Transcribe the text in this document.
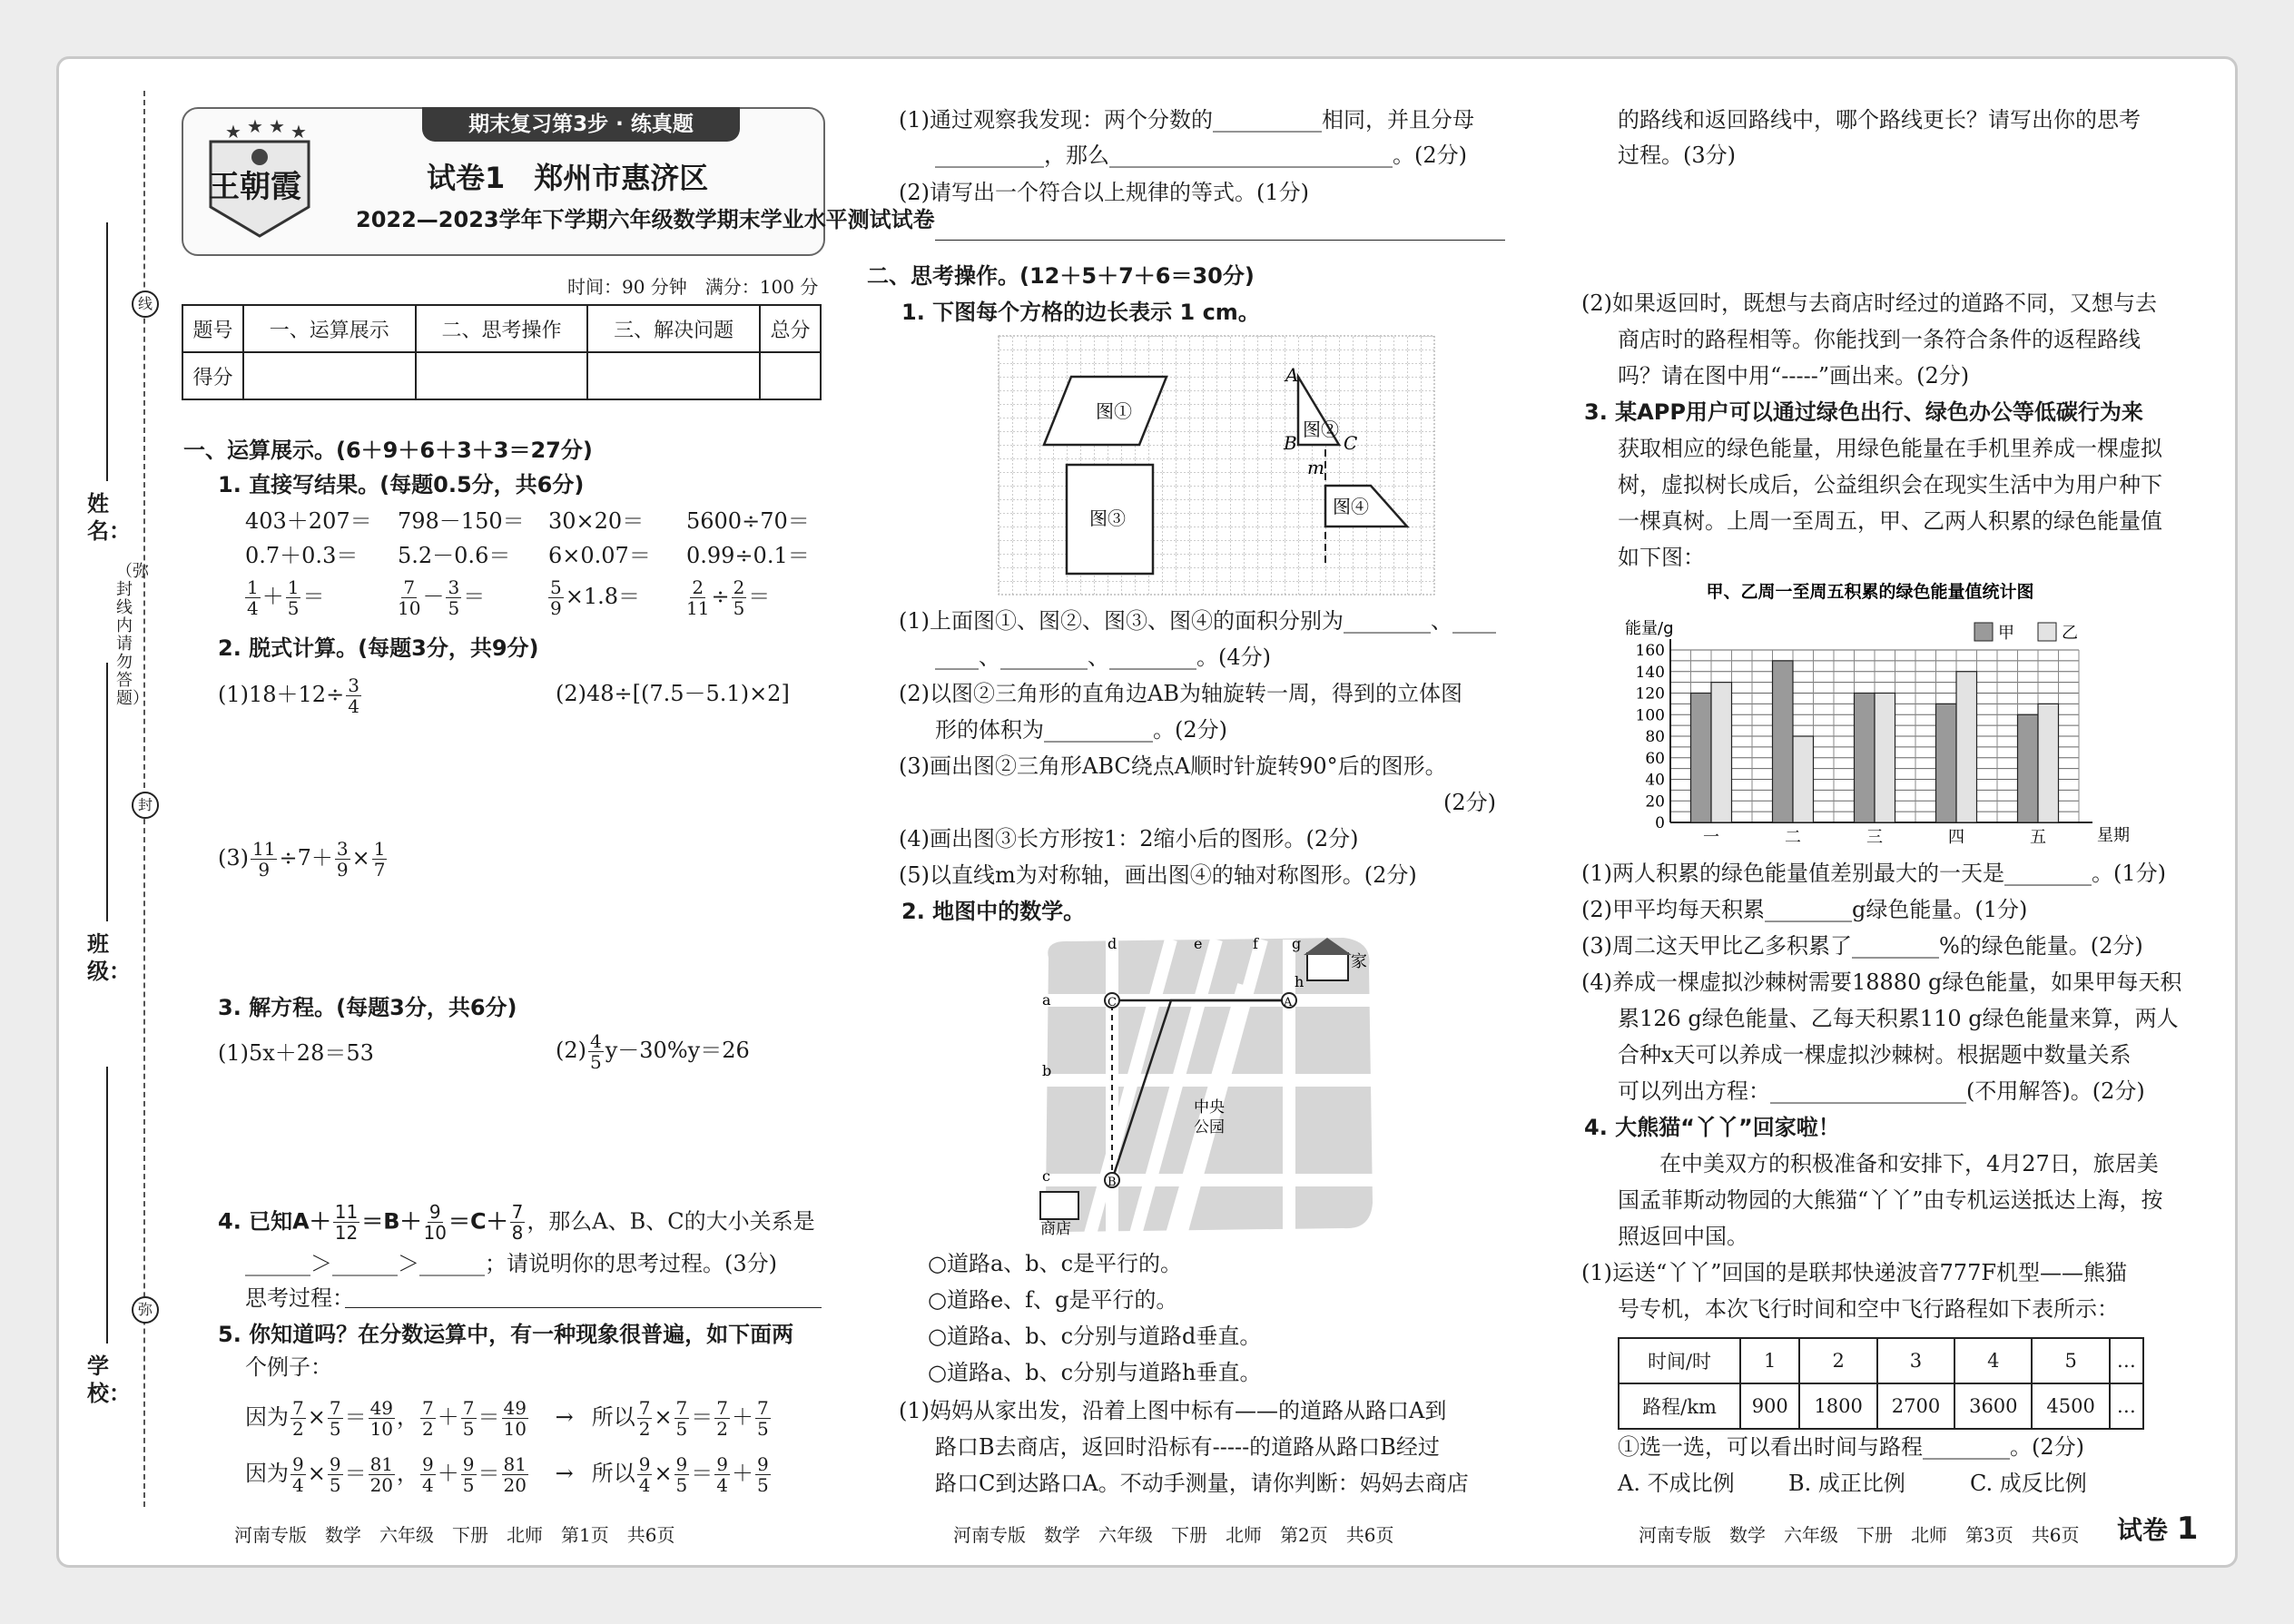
线
封
弥
（弥封线内请勿答题）
姓名：
班级：
学校：
★ ★ ★ ★
王朝霞
期末复习第3步 · 练真题
试卷1　郑州市惠济区
2022—2023学年下学期六年级数学期末学业水平测试试卷
时间：90 分钟　满分：100 分
题号	一、运算展示	二、思考操作	三、解决问题	总分
得分				
一、运算展示。(6＋9＋6＋3＋3＝27分)
1. 直接写结果。(每题0.5分，共6分)
403＋207＝ 798－150＝ 30×20＝ 5600÷70＝
0.7＋0.3＝ 5.2－0.6＝ 6×0.07＝ 0.99÷0.1＝
$\frac{1}{4} + \frac{1}{5}$ ＝	$\frac{7}{10} - \frac{3}{5}$ ＝	$\frac{5}{9} \times 1.8=$	$\frac{2}{11} \div \frac{2}{5}$ ＝
2. 脱式计算。(每题3分，共9分)
$(1)18+12\div \frac{3}{4}$	(2)48÷[(7.5－5.1)×2]
$(3) \frac{11}{9} \div 7+ \frac{3}{9} \times \frac{1}{7}$
3. 解方程。(每题3分，共6分)
(1)5x＋28＝53	$(2) \frac{4}{5} y-30\%y=26$
4. 已知$A+ \frac{11}{12} =B+ \frac{9}{10} =C+ \frac{7}{8}$ ，那么A、B、C的大小关系是
______＞______＞______；请说明你的思考过程。(3分)
思考过程：
5. 你知道吗？在分数运算中，有一种现象很普遍，如下面两
个例子：
因为 $\frac{7}{2} \times \frac{7}{5} = \frac{49}{10}$ ， $\frac{7}{2} + \frac{7}{5} = \frac{49}{10}$ → 所以 $\frac{7}{2} \times \frac{7}{5} = \frac{7}{2} + \frac{7}{5}$
因为 $\frac{9}{4} \times \frac{9}{5} = \frac{81}{20}$ ， $\frac{9}{4} + \frac{9}{5} = \frac{81}{20}$ → 所以 $\frac{9}{4} \times \frac{9}{5} = \frac{9}{4} + \frac{9}{5}$
河南专版　数学　六年级　下册　北师　第1页　共6页
(1)通过观察我发现：两个分数的__________相同，并且分母
__________，那么__________________________。(2分)
(2)请写出一个符合以上规律的等式。(1分)
二、思考操作。(12＋5＋7＋6＝30分)
1. 下图每个方格的边长表示 1 cm。
图①
图②
图③
图④
A
B	C
m
(1)上面图①、图②、图③、图④的面积分别为________、____
____、________、________。(4分)
(2)以图②三角形的直角边AB为轴旋转一周，得到的立体图
形的体积为__________。(2分)
(3)画出图②三角形ABC绕点A顺时针旋转90°后的图形。
(2分)
(4)画出图③长方形按1：2缩小后的图形。(2分)
(5)以直线m为对称轴，画出图④的轴对称图形。(2分)
2. 地图中的数学。
d	e	f g
h
a
b
c
A
B
C
家
中央
公园
商店
○道路a、b、c是平行的。
○道路e、f、g是平行的。
○道路a、b、c分别与道路d垂直。
○道路a、b、c分别与道路h垂直。
(1)妈妈从家出发，沿着上图中标有——的道路从路口A到
路口B去商店，返回时沿标有-----的道路从路口B经过
路口C到达路口A。不动手测量，请你判断：妈妈去商店
河南专版　数学　六年级　下册　北师　第2页　共6页
的路线和返回路线中，哪个路线更长？请写出你的思考
过程。(3分)
(2)如果返回时，既想与去商店时经过的道路不同，又想与去
商店时的路程相等。你能找到一条符合条件的返程路线
吗？请在图中用“-----”画出来。(2分)
3. 某APP用户可以通过绿色出行、绿色办公等低碳行为来
获取相应的绿色能量，用绿色能量在手机里养成一棵虚拟
树，虚拟树长成后，公益组织会在现实生活中为用户种下
一棵真树。上周一至周五，甲、乙两人积累的绿色能量值
如下图：
甲、乙周一至周五积累的绿色能量值统计图
能量/g
星期
甲	乙
0
20
40
60
80
100
120
140
160
一	二	三	四	五
(1)两人积累的绿色能量值差别最大的一天是________。(1分)
(2)甲平均每天积累________g绿色能量。(1分)
(3)周二这天甲比乙多积累了________%的绿色能量。(2分)
(4)养成一棵虚拟沙棘树需要18880 g绿色能量，如果甲每天积
累126 g绿色能量、乙每天积累110 g绿色能量来算，两人
合种x天可以养成一棵虚拟沙棘树。根据题中数量关系
可以列出方程：__________________(不用解答)。(2分)
4. 大熊猫“丫丫”回家啦！
在中美双方的积极准备和安排下，4月27日，旅居美
国孟菲斯动物园的大熊猫“丫丫”由专机运送抵达上海，按
照返回中国。
(1)运送“丫丫”回国的是联邦快递波音777F机型——熊猫
号专机，本次飞行时间和空中飞行路程如下表所示：
时间/时	1	2	3	4	5	…
路程/km	900	1800	2700	3600	4500	…
①选一选，可以看出时间与路程________。(2分)
A. 不成比例 B. 成正比例	C. 成反比例
河南专版　数学　六年级　下册　北师　第3页　共6页 试卷 1
